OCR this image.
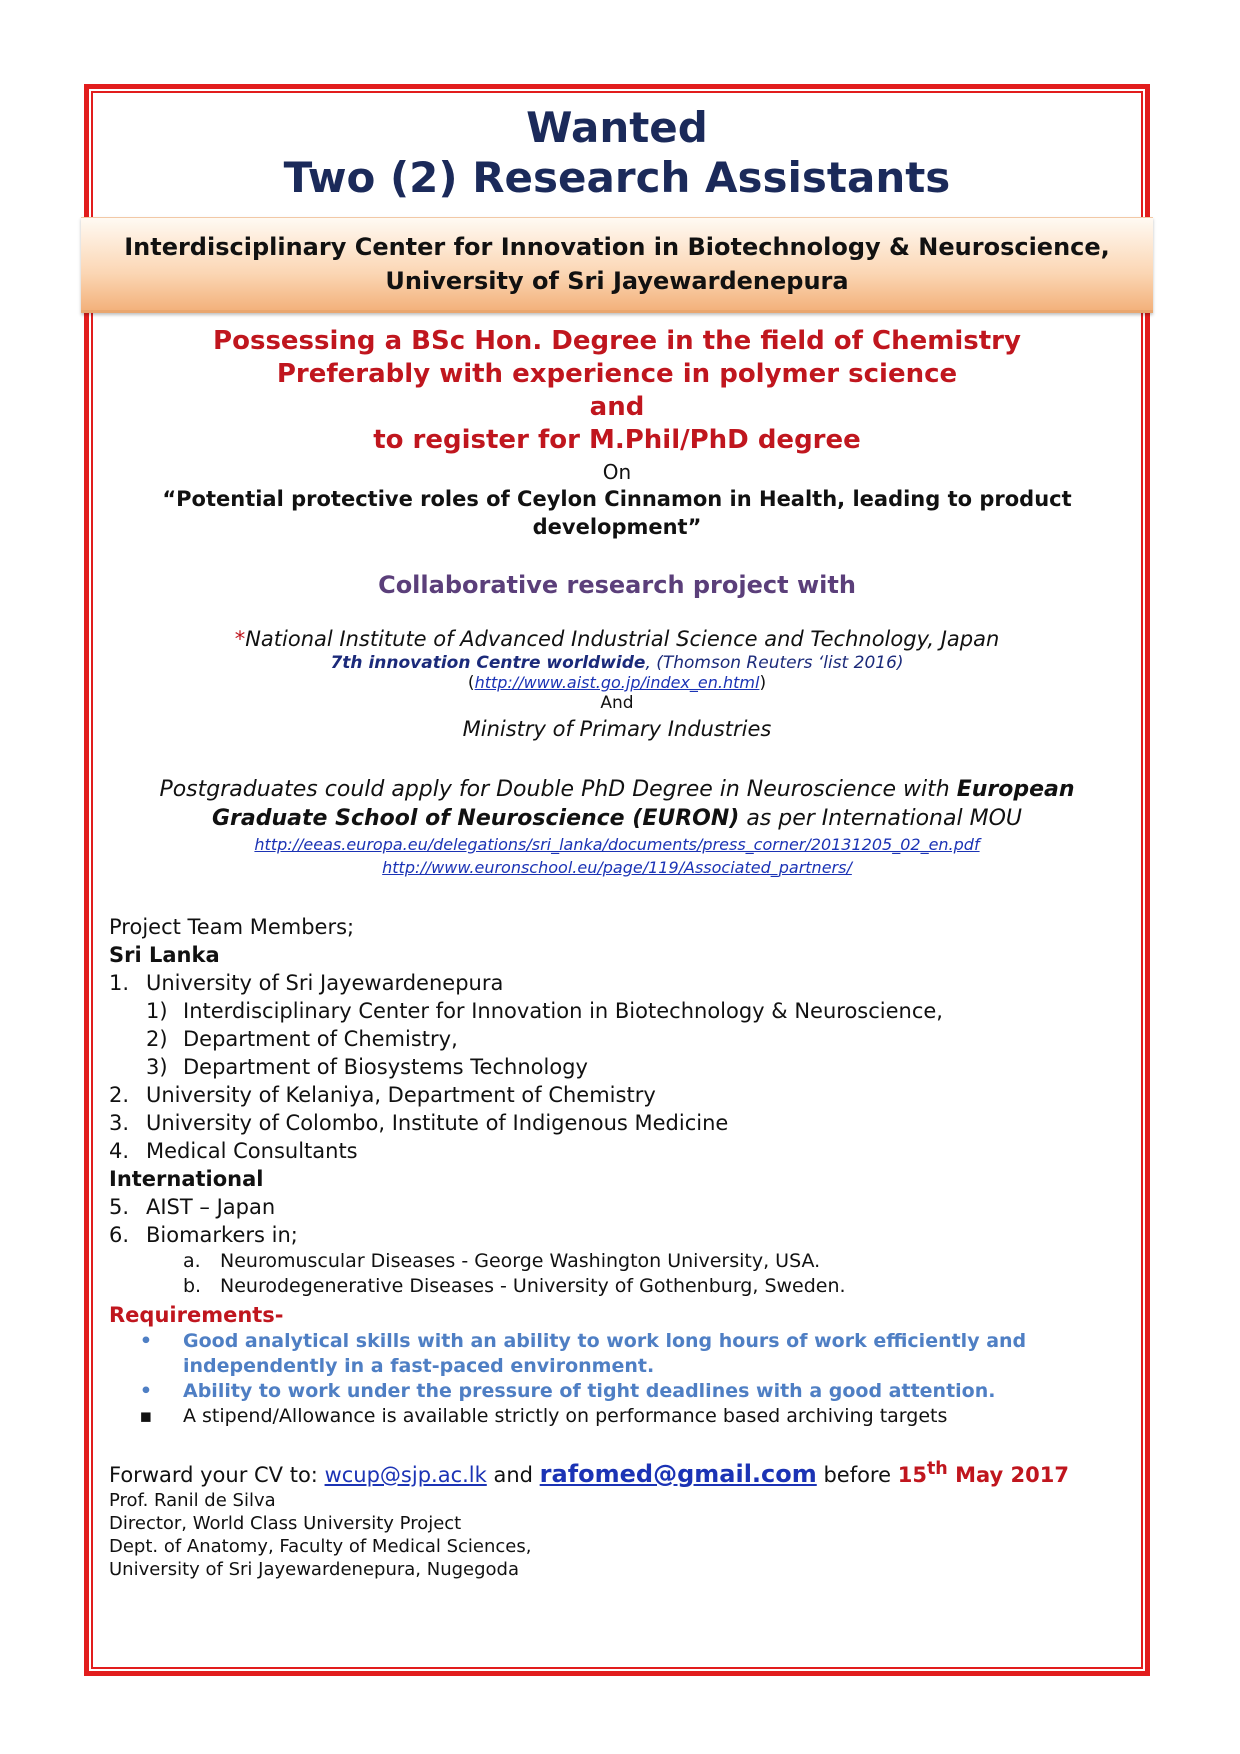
Wanted
Two (2) Research Assistants
Interdisciplinary Center for Innovation in Biotechnology & Neuroscience,
University of Sri Jayewardenepura
Possessing a BSc Hon. Degree in the field of Chemistry
Preferably with experience in polymer science
and
to register for M.Phil/PhD degree
On
“Potential protective roles of Ceylon Cinnamon in Health, leading to product development”
Collaborative research project with
*National Institute of Advanced Industrial Science and Technology, Japan
7th innovation Centre worldwide, (Thomson Reuters ‘list 2016)
(http://www.aist.go.jp/index_en.html)
And
Ministry of Primary Industries
Postgraduates could apply for Double PhD Degree in Neuroscience with European Graduate School of Neuroscience (EURON) as per International MOU
http://eeas.europa.eu/delegations/sri_lanka/documents/press_corner/20131205_02_en.pdf
http://www.euronschool.eu/page/119/Associated_partners/
Project Team Members;
Sri Lanka
1. University of Sri Jayewardenepura
1) Interdisciplinary Center for Innovation in Biotechnology & Neuroscience,
2) Department of Chemistry,
3) Department of Biosystems Technology
2. University of Kelaniya, Department of Chemistry
3. University of Colombo, Institute of Indigenous Medicine
4. Medical Consultants
International
5. AIST – Japan
6. Biomarkers in;
a.	Neuromuscular Diseases - George Washington University, USA.
b. Neurodegenerative Diseases - University of Gothenburg, Sweden.
Requirements-
•	Good analytical skills with an ability to work long hours of work efficiently and independently in a fast-paced environment.
•	Ability to work under the pressure of tight deadlines with a good attention.
▪	A stipend/Allowance is available strictly on performance based archiving targets
Forward your CV to: wcup@sjp.ac.lk and rafomed@gmail.com before 15th May 2017
Prof. Ranil de Silva
Director, World Class University Project
Dept. of Anatomy, Faculty of Medical Sciences,
University of Sri Jayewardenepura, Nugegoda
